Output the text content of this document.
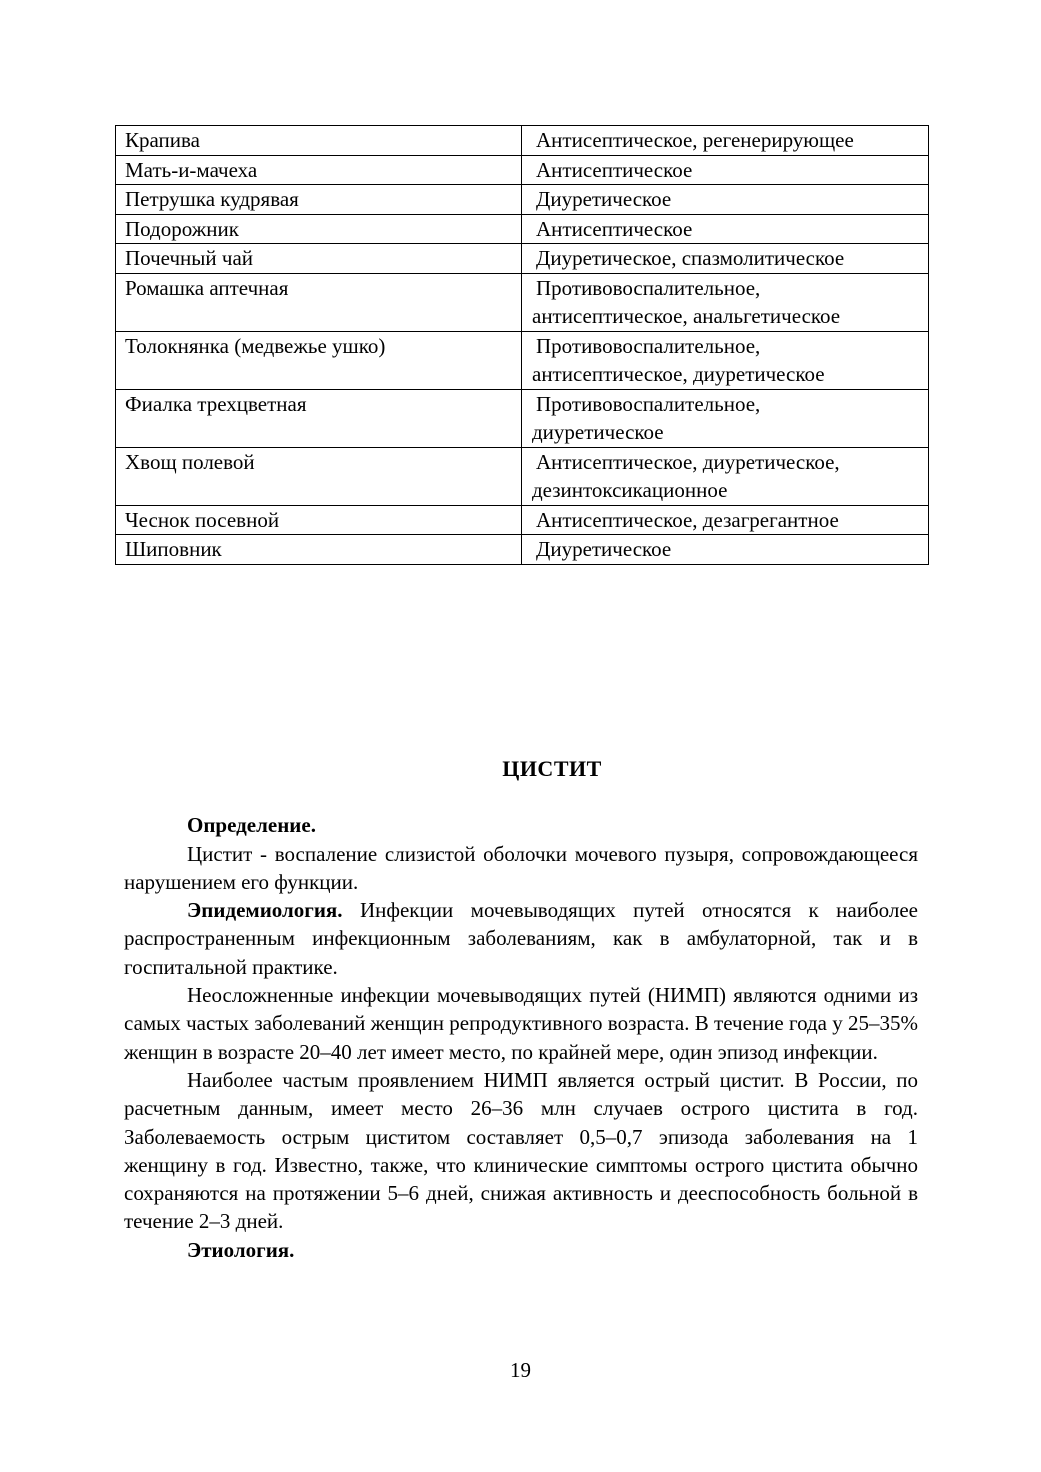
Крапива	Антисептическое, регенерирующее
Мать-и-мачеха	Антисептическое
Петрушка кудрявая	Диуретическое
Подорожник	Антисептическое
Почечный чай	Диуретическое, спазмолитическое
Ромашка аптечная	Противовоспалительное,
антисептическое, анальгетическое
Толокнянка (медвежье ушко)	Противовоспалительное,
антисептическое, диуретическое
Фиалка трехцветная	Противовоспалительное,
диуретическое
Хвощ полевой	Антисептическое, диуретическое,
дезинтоксикационное
Чеснок посевной	Антисептическое, дезагрегантное
Шиповник	Диуретическое
ЦИСТИТ

Определение.

Цистит - воспаление слизистой оболочки мочевого пузыря, сопровождающееся нарушением его функции.

Эпидемиология. Инфекции мочевыводящих путей относятся к наиболее распространенным инфекционным заболеваниям, как в амбулаторной, так и в госпитальной практике.

Неосложненные инфекции мочевыводящих путей (НИМП) являются одними из самых частых заболеваний женщин репродуктивного возраста. В течение года у 25–35% женщин в возрасте 20–40 лет имеет место, по крайней мере, один эпизод инфекции.

Наиболее частым проявлением НИМП является острый цистит. В России, по расчетным данным, имеет место 26–36 млн случаев острого цистита в год. Заболеваемость острым циститом составляет 0,5–0,7 эпизода заболевания на 1 женщину в год. Известно, также, что клинические симптомы острого цистита обычно сохраняются на протяжении 5–6 дней, снижая активность и дееспособность больной в течение 2–3 дней.

Этиология.

19
